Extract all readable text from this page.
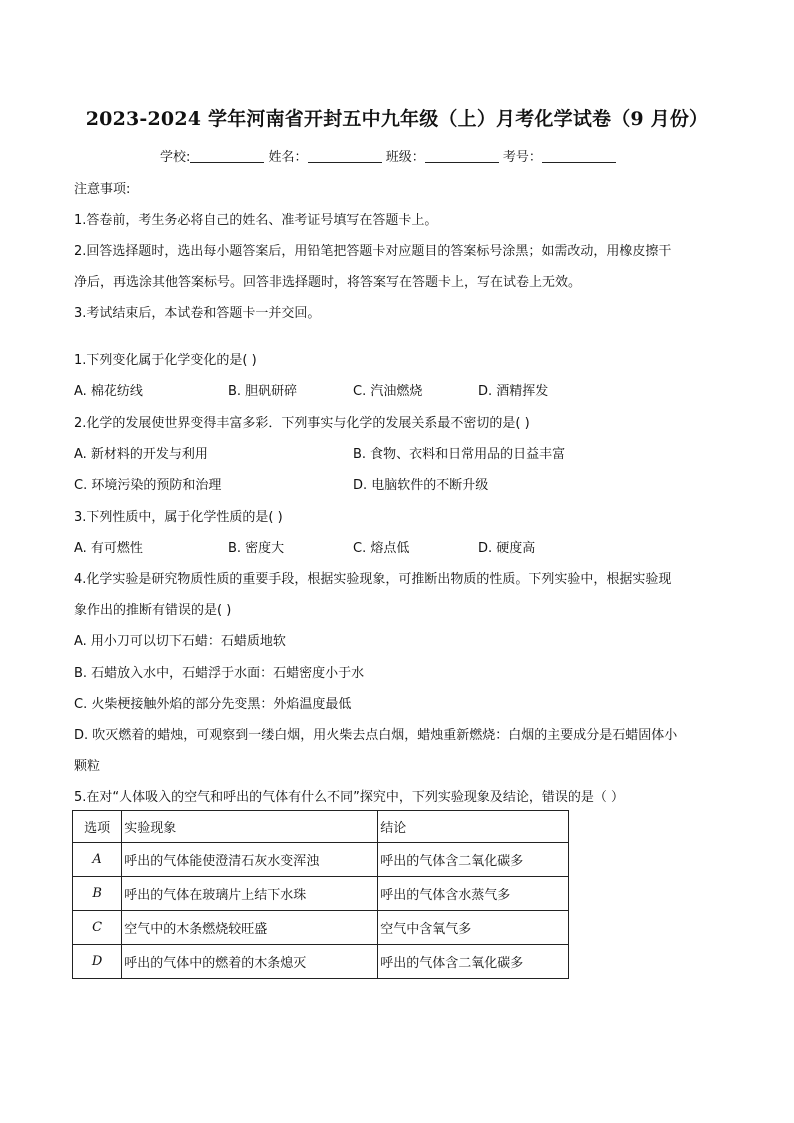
2023-2024 学年河南省开封五中九年级（上）月考化学试卷（9 月份）
学校:	姓名：	班级：	考号：
注意事项:
1.答卷前，考生务必将自己的姓名、准考证号填写在答题卡上。
2.回答选择题时，选出每小题答案后，用铅笔把答题卡对应题目的答案标号涂黑；如需改动，用橡皮擦干
净后，再选涂其他答案标号。回答非选择题时，将答案写在答题卡上，写在试卷上无效。
3.考试结束后，本试卷和答题卡一并交回。
1.下列变化属于化学变化的是( )
A. 棉花纺线	B. 胆矾研碎	C. 汽油燃烧	D. 酒精挥发
2.化学的发展使世界变得丰富多彩．下列事实与化学的发展关系最不密切的是( )
A. 新材料的开发与利用	B. 食物、衣料和日常用品的日益丰富
C. 环境污染的预防和治理	D. 电脑软件的不断升级
3.下列性质中，属于化学性质的是( )
A. 有可燃性	B. 密度大	C. 熔点低	D. 硬度高
4.化学实验是研究物质性质的重要手段，根据实验现象，可推断出物质的性质。下列实验中，根据实验现
象作出的推断有错误的是( )
A. 用小刀可以切下石蜡：石蜡质地软
B. 石蜡放入水中，石蜡浮于水面：石蜡密度小于水
C. 火柴梗接触外焰的部分先变黑：外焰温度最低
D. 吹灭燃着的蜡烛，可观察到一缕白烟，用火柴去点白烟，蜡烛重新燃烧：白烟的主要成分是石蜡固体小
颗粒
5.在对“人体吸入的空气和呼出的气体有什么不同”探究中，下列实验现象及结论，错误的是（ ）
选项	实验现象	结论
A	呼出的气体能使澄清石灰水变浑浊	呼出的气体含二氧化碳多
B	呼出的气体在玻璃片上结下水珠	呼出的气体含水蒸气多
C	空气中的木条燃烧较旺盛	空气中含氧气多
D	呼出的气体中的燃着的木条熄灭	呼出的气体含二氧化碳多
